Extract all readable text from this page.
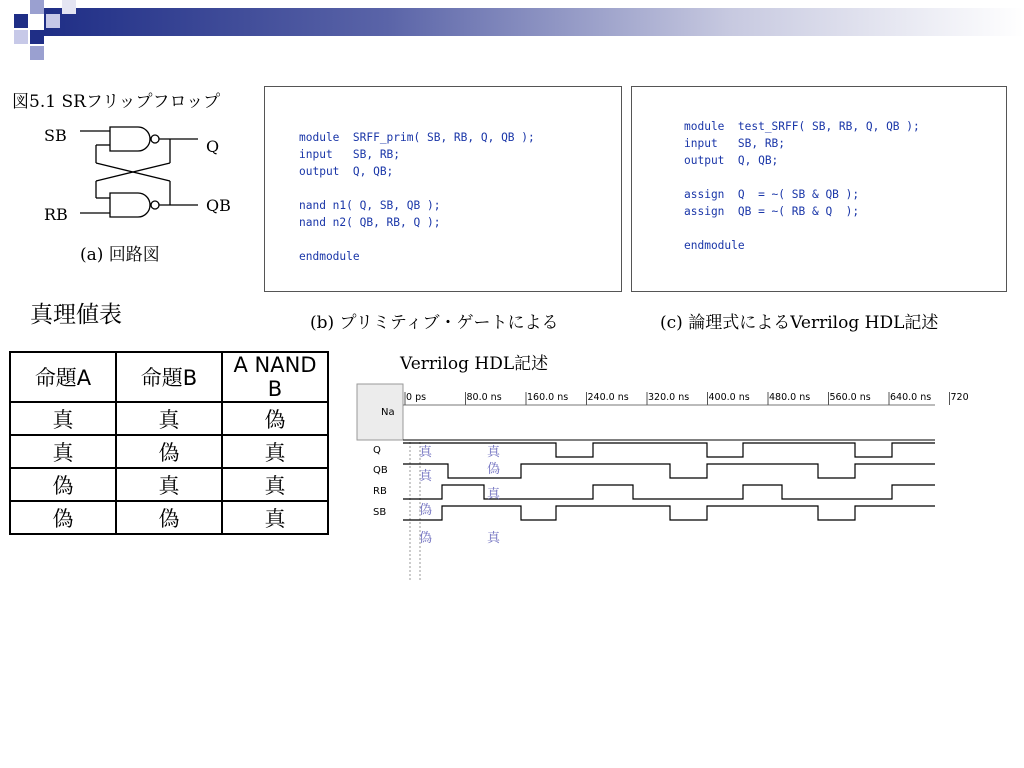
図5.1 SRフリップフロップ
SB
RB
Q
QB
(a) 回路図
module  SRFF_prim( SB, RB, Q, QB );
input   SB, RB;
output  Q, QB;

nand n1( Q, SB, QB );
nand n2( QB, RB, Q );

endmodule
(b) プリミティブ・ゲートによる
module  test_SRFF( SB, RB, Q, QB );
input   SB, RB;
output  Q, QB;

assign  Q  = ~( SB & QB );
assign  QB = ~( RB & Q  );

endmodule
(c) 論理式によるVerrilog HDL記述
真理値表
命題A	命題B	A NAND B
真	真	偽
真	偽	真
偽	真	真
偽	偽	真
Verrilog HDL記述
Na
0 ps	80.0 ns	160.0 ns 240.0 ns 320.0 ns 400.0 ns 480.0 ns 560.0 ns 640.0 ns 720
Q
QB
RB
SB
真
真
偽
偽
真
偽
真
真
